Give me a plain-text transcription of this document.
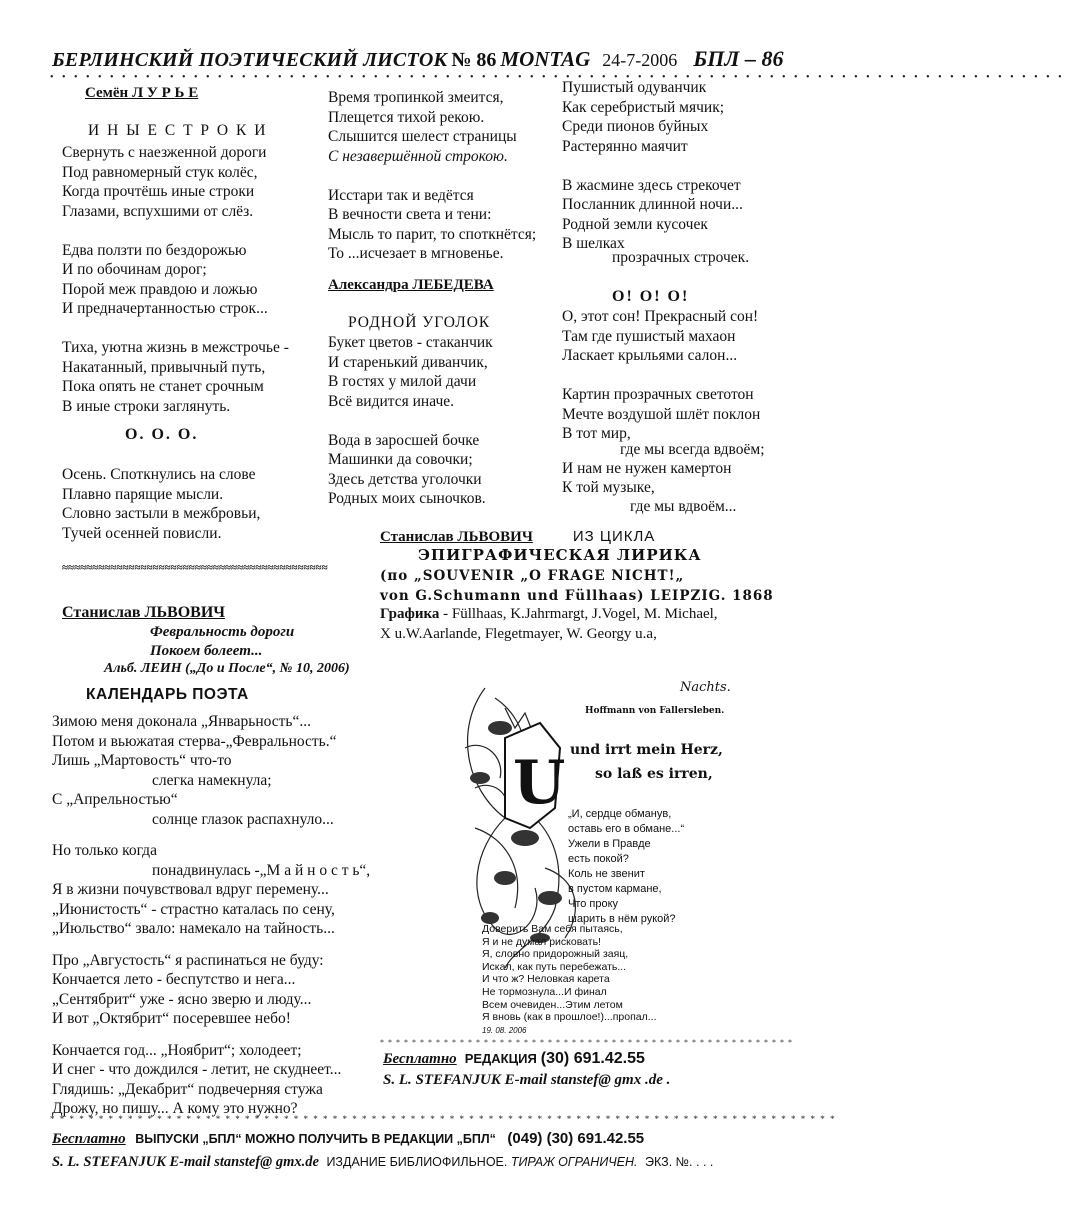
БЕРЛИНСКИЙ ПОЭТИЧЕСКИЙ ЛИСТОК № 86 MONTAG 24-7-2006 БПЛ – 86
• • • • • • • • • • • • • • • • • • • • • • • • • • • • • • • • • • • • • • • • • • • • • • • • • • • • • • • • • • • • • • • • • • • • • • • • • • • • • • • • • • • • •
Семён Л У Р Ь Е
И Н Ы Е С Т Р О К И
Свернуть с наезженной дороги
Под равномерный стук колёс,
Когда прочтёшь иные строки
Глазами, вспухшими от слёз.
Едва ползти по бездорожью
И по обочинам дорог;
Порой меж правдою и ложью
И предначертанностью строк...
Тиха, уютна жизнь в межстрочье -
Накатанный, привычный путь,
Пока опять не станет срочным
В иные строки заглянуть.
О. О. О.
Осень. Споткнулись на слове
Плавно парящие мысли.
Словно застыли в межбровьи,
Тучей осенней повисли.
≈≈≈≈≈≈≈≈≈≈≈≈≈≈≈≈≈≈≈≈≈≈≈≈≈≈≈≈≈≈≈≈≈≈≈≈≈≈≈≈≈≈≈≈
Время тропинкой змеится,
Плещется тихой рекою.
Слышится шелест страницы
С незавершённой строкою.
Исстари так и ведётся
В вечности света и тени:
Мысль то парит, то споткнётся;
То ...исчезает в мгновенье.
Александра ЛЕБЕДЕВА
РОДНОЙ УГОЛОК
Букет цветов - стаканчик
И старенький диванчик,
В гостях у милой дачи
Всё видится иначе.
Вода в заросшей бочке
Машинки да совочки;
Здесь детства уголочки
Родных моих сыночков.
Пушистый одуванчик
Как серебристый мячик;
Среди пионов буйных
Растерянно маячит
В жасмине здесь стрекочет
Посланник длинной ночи...
Родной земли кусочек
В шелках
прозрачных строчек.
О! О! О!
О, этот сон! Прекрасный сон!
Там где пушистый махаон
Ласкает крыльями салон...
Картин прозрачных светотон
Мечте воздушой шлёт поклон
В тот мир,
где мы всегда вдвоём;
И нам не нужен камертон
К той музыке,
где мы вдвоём...
Станислав ЛЬВОВИЧ	ИЗ ЦИКЛА
ЭПИГРАФИЧЕСКАЯ ЛИРИКА
(по „SOUVENIR „O FRAGE NICHT!„
von G.Schumann und Füllhaas) LEIPZIG. 1868
Графика - Füllhaas, K.Jahrmargt, J.Vogel, M. Michael,
X u.W.Aarlande, Flegetmayer, W. Georgy u.a,
Станислав ЛЬВОВИЧ
Февральность дороги
Покоем болеет...
Альб. ЛЕИН („До и После“, № 10, 2006)
КАЛЕНДАРЬ ПОЭТА
Зимою меня доконала „Январьность“...
Потом и вьюжатая стерва-„Февральность.“
Лишь „Мартовость“ что-то
слегка намекнула;
С „Апрельностью“
солнце глазок распахнуло...
Но только когда
понадвинулась -„М а й н о с т ь“,
Я в жизни почувствовал вдруг перемену...
„Июнистость“ - страстно каталась по сену,
„Июльство“ звало: намекало на тайность...
Про „Августость“ я распинаться не буду:
Кончается лето - беспутство и нега...
„Сентябрит“ уже - ясно зверю и люду...
И вот „Октябрит“ посеревшее небо!
Кончается год... „Ноябрит“; холодеет;
И снег - что дождился - летит, не скуднеет...
Глядишь: „Декабрит“ подвечерняя стужа
Дрожу, но пишу... А кому это нужно?
U
Nachts.
Hoffmann von Fallersleben.
und irrt mein Herz,
so laß es irren,
„И, сердце обманув,
оставь его в обмане...“
Ужели в Правде
есть покой?
Коль не звенит
в пустом кармане,
Что проку
шарить в нём рукой?
Доверить Вам себя пытаясь,
Я и не думал рисковать!
Я, словно придорожный заяц,
Искал, как путь перебежать...
И что ж? Неловкая карета
Не тормознула...И финал
Всем очевиден...Этим летом
Я вновь (как в прошлое!)...пропал...
19. 08. 2006
* * * * * * * * * * * * * * * * * * * * * * * * * * * * * * * * * * * * * * * * * * * * * * * * * * * *
Бесплатно РЕДАКЦИЯ (30) 691.42.55
S. L. STEFANJUK E-mail stanstef@ gmx .de .
* * * * * * * * * * * * * * * * * * * * * * * * * * * * * * * * * * * * * * * * * * * * * * * * * * * * * * * * * * * * * * * * * * * * * * * * * * * * * * * * *
Бесплатно ВЫПУСКИ „БПЛ“ МОЖНО ПОЛУЧИТЬ В РЕДАКЦИИ „БПЛ“ (049) (30) 691.42.55
S. L. STEFANJUK E-mail stanstef@ gmx.de ИЗДАНИЕ БИБЛИОФИЛЬНОЕ. ТИРАЖ ОГРАНИЧЕН. ЭКЗ. №. . . .
